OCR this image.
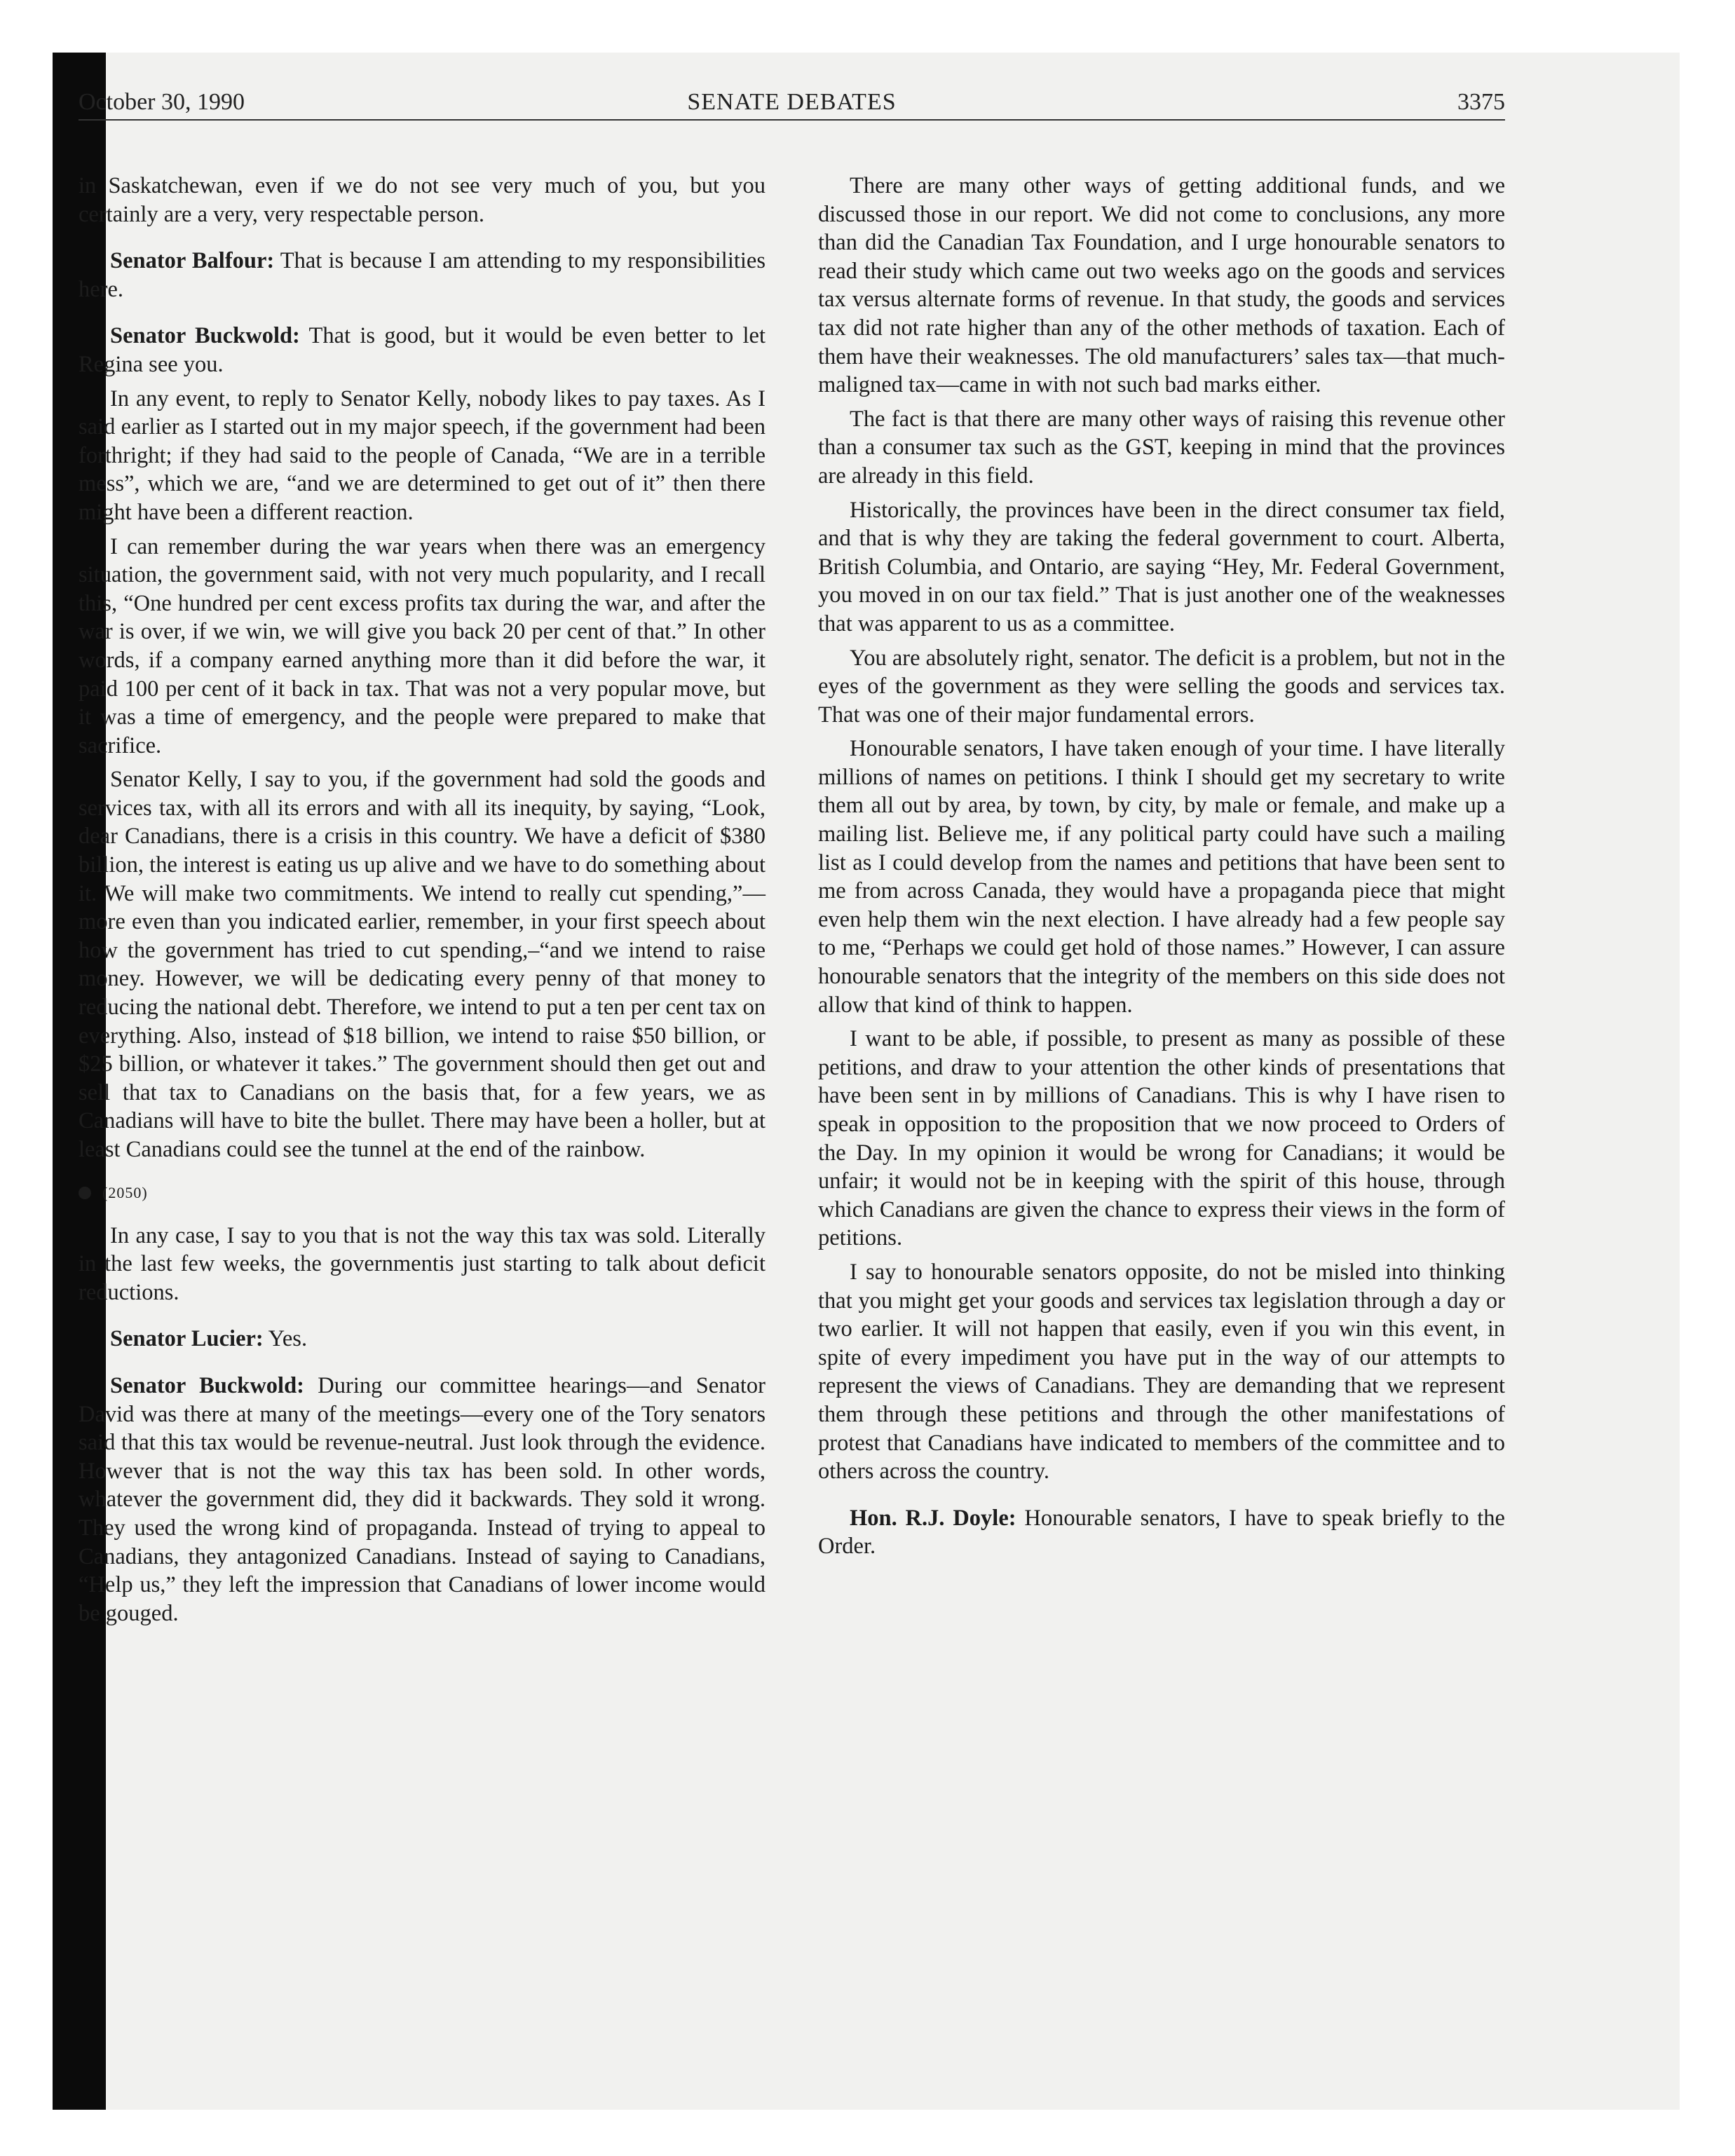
October 30, 1990	SENATE DEBATES	3375

in Saskatchewan, even if we do not see very much of you, but you certainly are a very, very respectable person.

Senator Balfour: That is because I am attending to my responsibilities here.

Senator Buckwold: That is good, but it would be even better to let Regina see you.

In any event, to reply to Senator Kelly, nobody likes to pay taxes. As I said earlier as I started out in my major speech, if the government had been forthright; if they had said to the people of Canada, “We are in a terrible mess”, which we are, “and we are determined to get out of it” then there might have been a different reaction.

I can remember during the war years when there was an emergency situation, the government said, with not very much popularity, and I recall this, “One hundred per cent excess profits tax during the war, and after the war is over, if we win, we will give you back 20 per cent of that.” In other words, if a company earned anything more than it did before the war, it paid 100 per cent of it back in tax. That was not a very popular move, but it was a time of emergency, and the people were prepared to make that sacrifice.

Senator Kelly, I say to you, if the government had sold the goods and services tax, with all its errors and with all its inequity, by saying, “Look, dear Canadians, there is a crisis in this country. We have a deficit of $380 billion, the interest is eating us up alive and we have to do something about it. We will make two commitments. We intend to really cut spending,”—more even than you indicated earlier, remember, in your first speech about how the government has tried to cut spending,–“and we intend to raise money. However, we will be dedicating every penny of that money to reducing the national debt. Therefore, we intend to put a ten per cent tax on everything. Also, instead of $18 billion, we intend to raise $50 billion, or $25 billion, or whatever it takes.” The government should then get out and sell that tax to Canadians on the basis that, for a few years, we as Canadians will have to bite the bullet. There may have been a holler, but at least Canadians could see the tunnel at the end of the rainbow.

(2050)

In any case, I say to you that is not the way this tax was sold. Literally in the last few weeks, the governmentis just starting to talk about deficit reductions.

Senator Lucier: Yes.

Senator Buckwold: During our committee hearings—and Senator David was there at many of the meetings—every one of the Tory senators said that this tax would be revenue-neutral. Just look through the evidence. However that is not the way this tax has been sold. In other words, whatever the government did, they did it backwards. They sold it wrong. They used the wrong kind of propaganda. Instead of trying to appeal to Canadians, they antagonized Canadians. Instead of saying to Canadians, “Help us,” they left the impression that Canadians of lower income would be gouged.

There are many other ways of getting additional funds, and we discussed those in our report. We did not come to conclusions, any more than did the Canadian Tax Foundation, and I urge honourable senators to read their study which came out two weeks ago on the goods and services tax versus alternate forms of revenue. In that study, the goods and services tax did not rate higher than any of the other methods of taxation. Each of them have their weaknesses. The old manufacturers’ sales tax—that much-maligned tax—came in with not such bad marks either.

The fact is that there are many other ways of raising this revenue other than a consumer tax such as the GST, keeping in mind that the provinces are already in this field.

Historically, the provinces have been in the direct consumer tax field, and that is why they are taking the federal government to court. Alberta, British Columbia, and Ontario, are saying “Hey, Mr. Federal Government, you moved in on our tax field.” That is just another one of the weaknesses that was apparent to us as a committee.

You are absolutely right, senator. The deficit is a problem, but not in the eyes of the government as they were selling the goods and services tax. That was one of their major fundamental errors.

Honourable senators, I have taken enough of your time. I have literally millions of names on petitions. I think I should get my secretary to write them all out by area, by town, by city, by male or female, and make up a mailing list. Believe me, if any political party could have such a mailing list as I could develop from the names and petitions that have been sent to me from across Canada, they would have a propaganda piece that might even help them win the next election. I have already had a few people say to me, “Perhaps we could get hold of those names.” However, I can assure honourable senators that the integrity of the members on this side does not allow that kind of think to happen.

I want to be able, if possible, to present as many as possible of these petitions, and draw to your attention the other kinds of presentations that have been sent in by millions of Canadians. This is why I have risen to speak in opposition to the proposition that we now proceed to Orders of the Day. In my opinion it would be wrong for Canadians; it would be unfair; it would not be in keeping with the spirit of this house, through which Canadians are given the chance to express their views in the form of petitions.

I say to honourable senators opposite, do not be misled into thinking that you might get your goods and services tax legislation through a day or two earlier. It will not happen that easily, even if you win this event, in spite of every impediment you have put in the way of our attempts to represent the views of Canadians. They are demanding that we represent them through these petitions and through the other manifestations of protest that Canadians have indicated to members of the committee and to others across the country.

Hon. R.J. Doyle: Honourable senators, I have to speak briefly to the Order.
